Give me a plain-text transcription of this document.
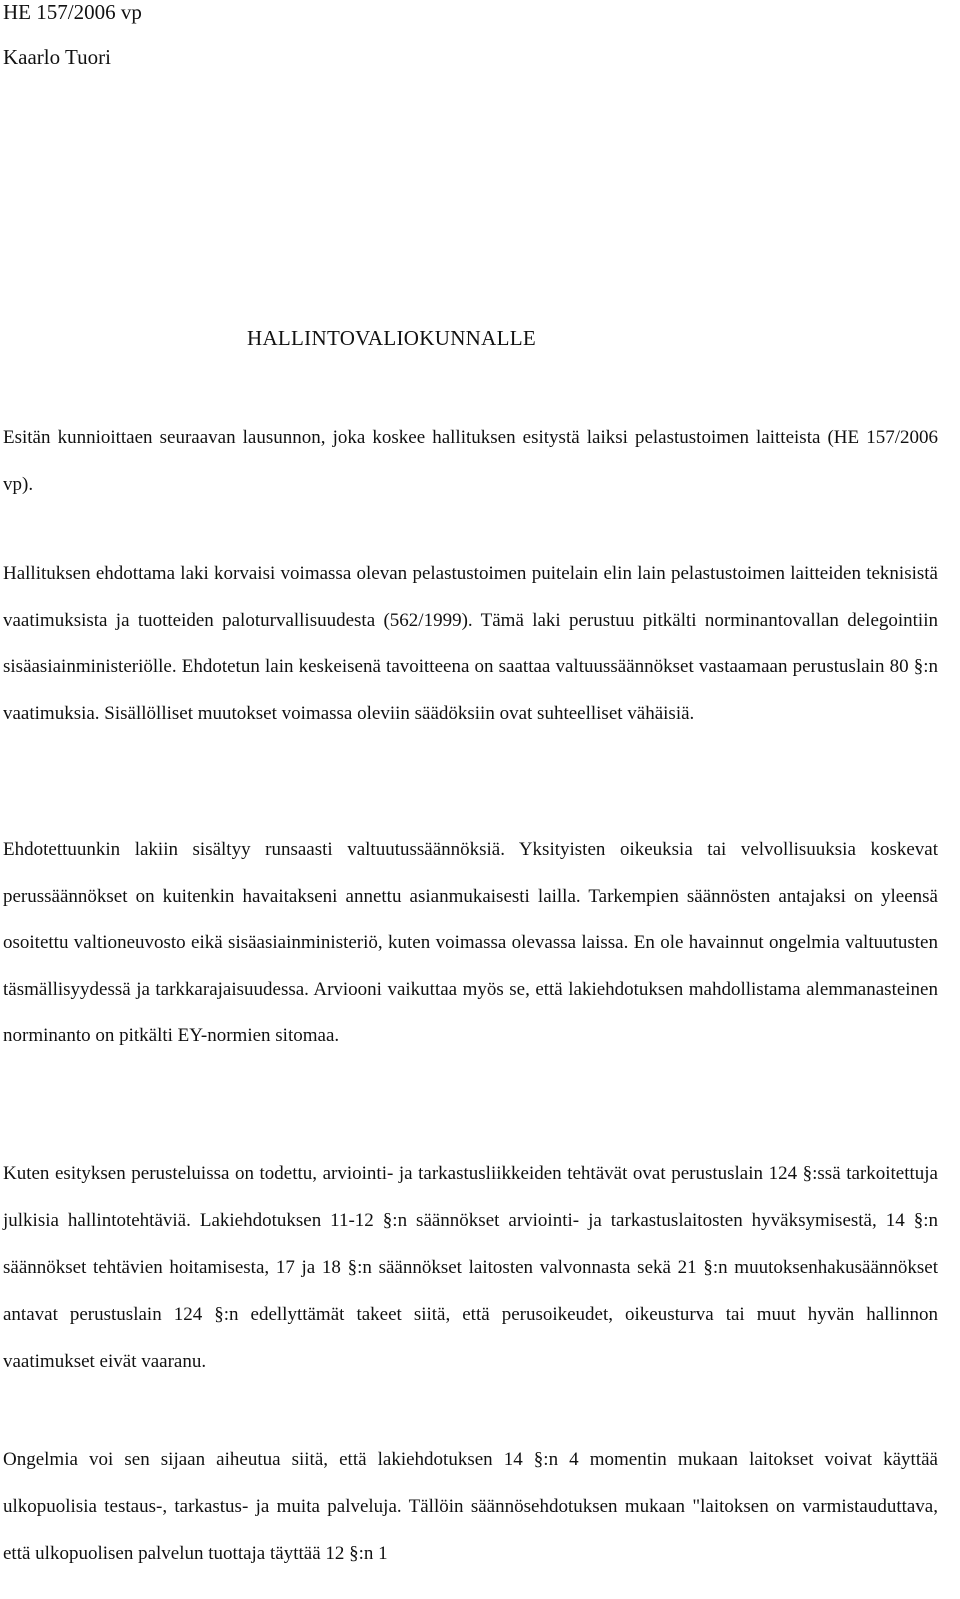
HE 157/2006 vp
Kaarlo Tuori
HALLINTOVALIOKUNNALLE

Esitän kunnioittaen seuraavan lausunnon, joka koskee hallituksen esitystä laiksi pelastustoimen laitteista (HE 157/2006 vp).

Hallituksen ehdottama laki korvaisi voimassa olevan pelastustoimen puitelain elin lain pelastustoimen laitteiden teknisistä vaatimuksista ja tuotteiden paloturvallisuudesta (562/1999). Tämä laki perustuu pitkälti norminantovallan delegointiin sisäasiainministeriölle. Ehdotetun lain keskeisenä tavoitteena on saattaa valtuussäännökset vastaamaan perustuslain 80 §:n vaatimuksia. Sisällölliset muutokset voimassa oleviin säädöksiin ovat suhteelliset vähäisiä.

Ehdotettuunkin lakiin sisältyy runsaasti valtuutussäännöksiä. Yksityisten oikeuksia tai velvollisuuksia koskevat perussäännökset on kuitenkin havaitakseni annettu asianmukaisesti lailla. Tarkempien säännösten antajaksi on yleensä osoitettu valtioneuvosto eikä sisäasiainministeriö, kuten voimassa olevassa laissa. En ole havainnut ongelmia valtuutusten täsmällisyydessä ja tarkkarajaisuudessa. Arviooni vaikuttaa myös se, että lakiehdotuksen mahdollistama alemmanasteinen norminanto on pitkälti EY-normien sitomaa.

Kuten esityksen perusteluissa on todettu, arviointi- ja tarkastusliikkeiden tehtävät ovat perustuslain 124 §:ssä tarkoitettuja julkisia hallintotehtäviä. Lakiehdotuksen 11-12 §:n säännökset arviointi- ja tarkastuslaitosten hyväksymisestä, 14 §:n säännökset tehtävien hoitamisesta, 17 ja 18 §:n säännökset laitosten valvonnasta sekä 21 §:n muutoksenhakusäännökset antavat perustuslain 124 §:n edellyttämät takeet siitä, että perusoikeudet, oikeusturva tai muut hyvän hallinnon vaatimukset eivät vaaranu.

Ongelmia voi sen sijaan aiheutua siitä, että lakiehdotuksen 14 §:n 4 momentin mukaan laitokset voivat käyttää ulkopuolisia testaus-, tarkastus- ja muita palveluja. Tällöin säännösehdotuksen mukaan "laitoksen on varmistauduttava, että ulkopuolisen palvelun tuottaja täyttää 12 §:n 1
